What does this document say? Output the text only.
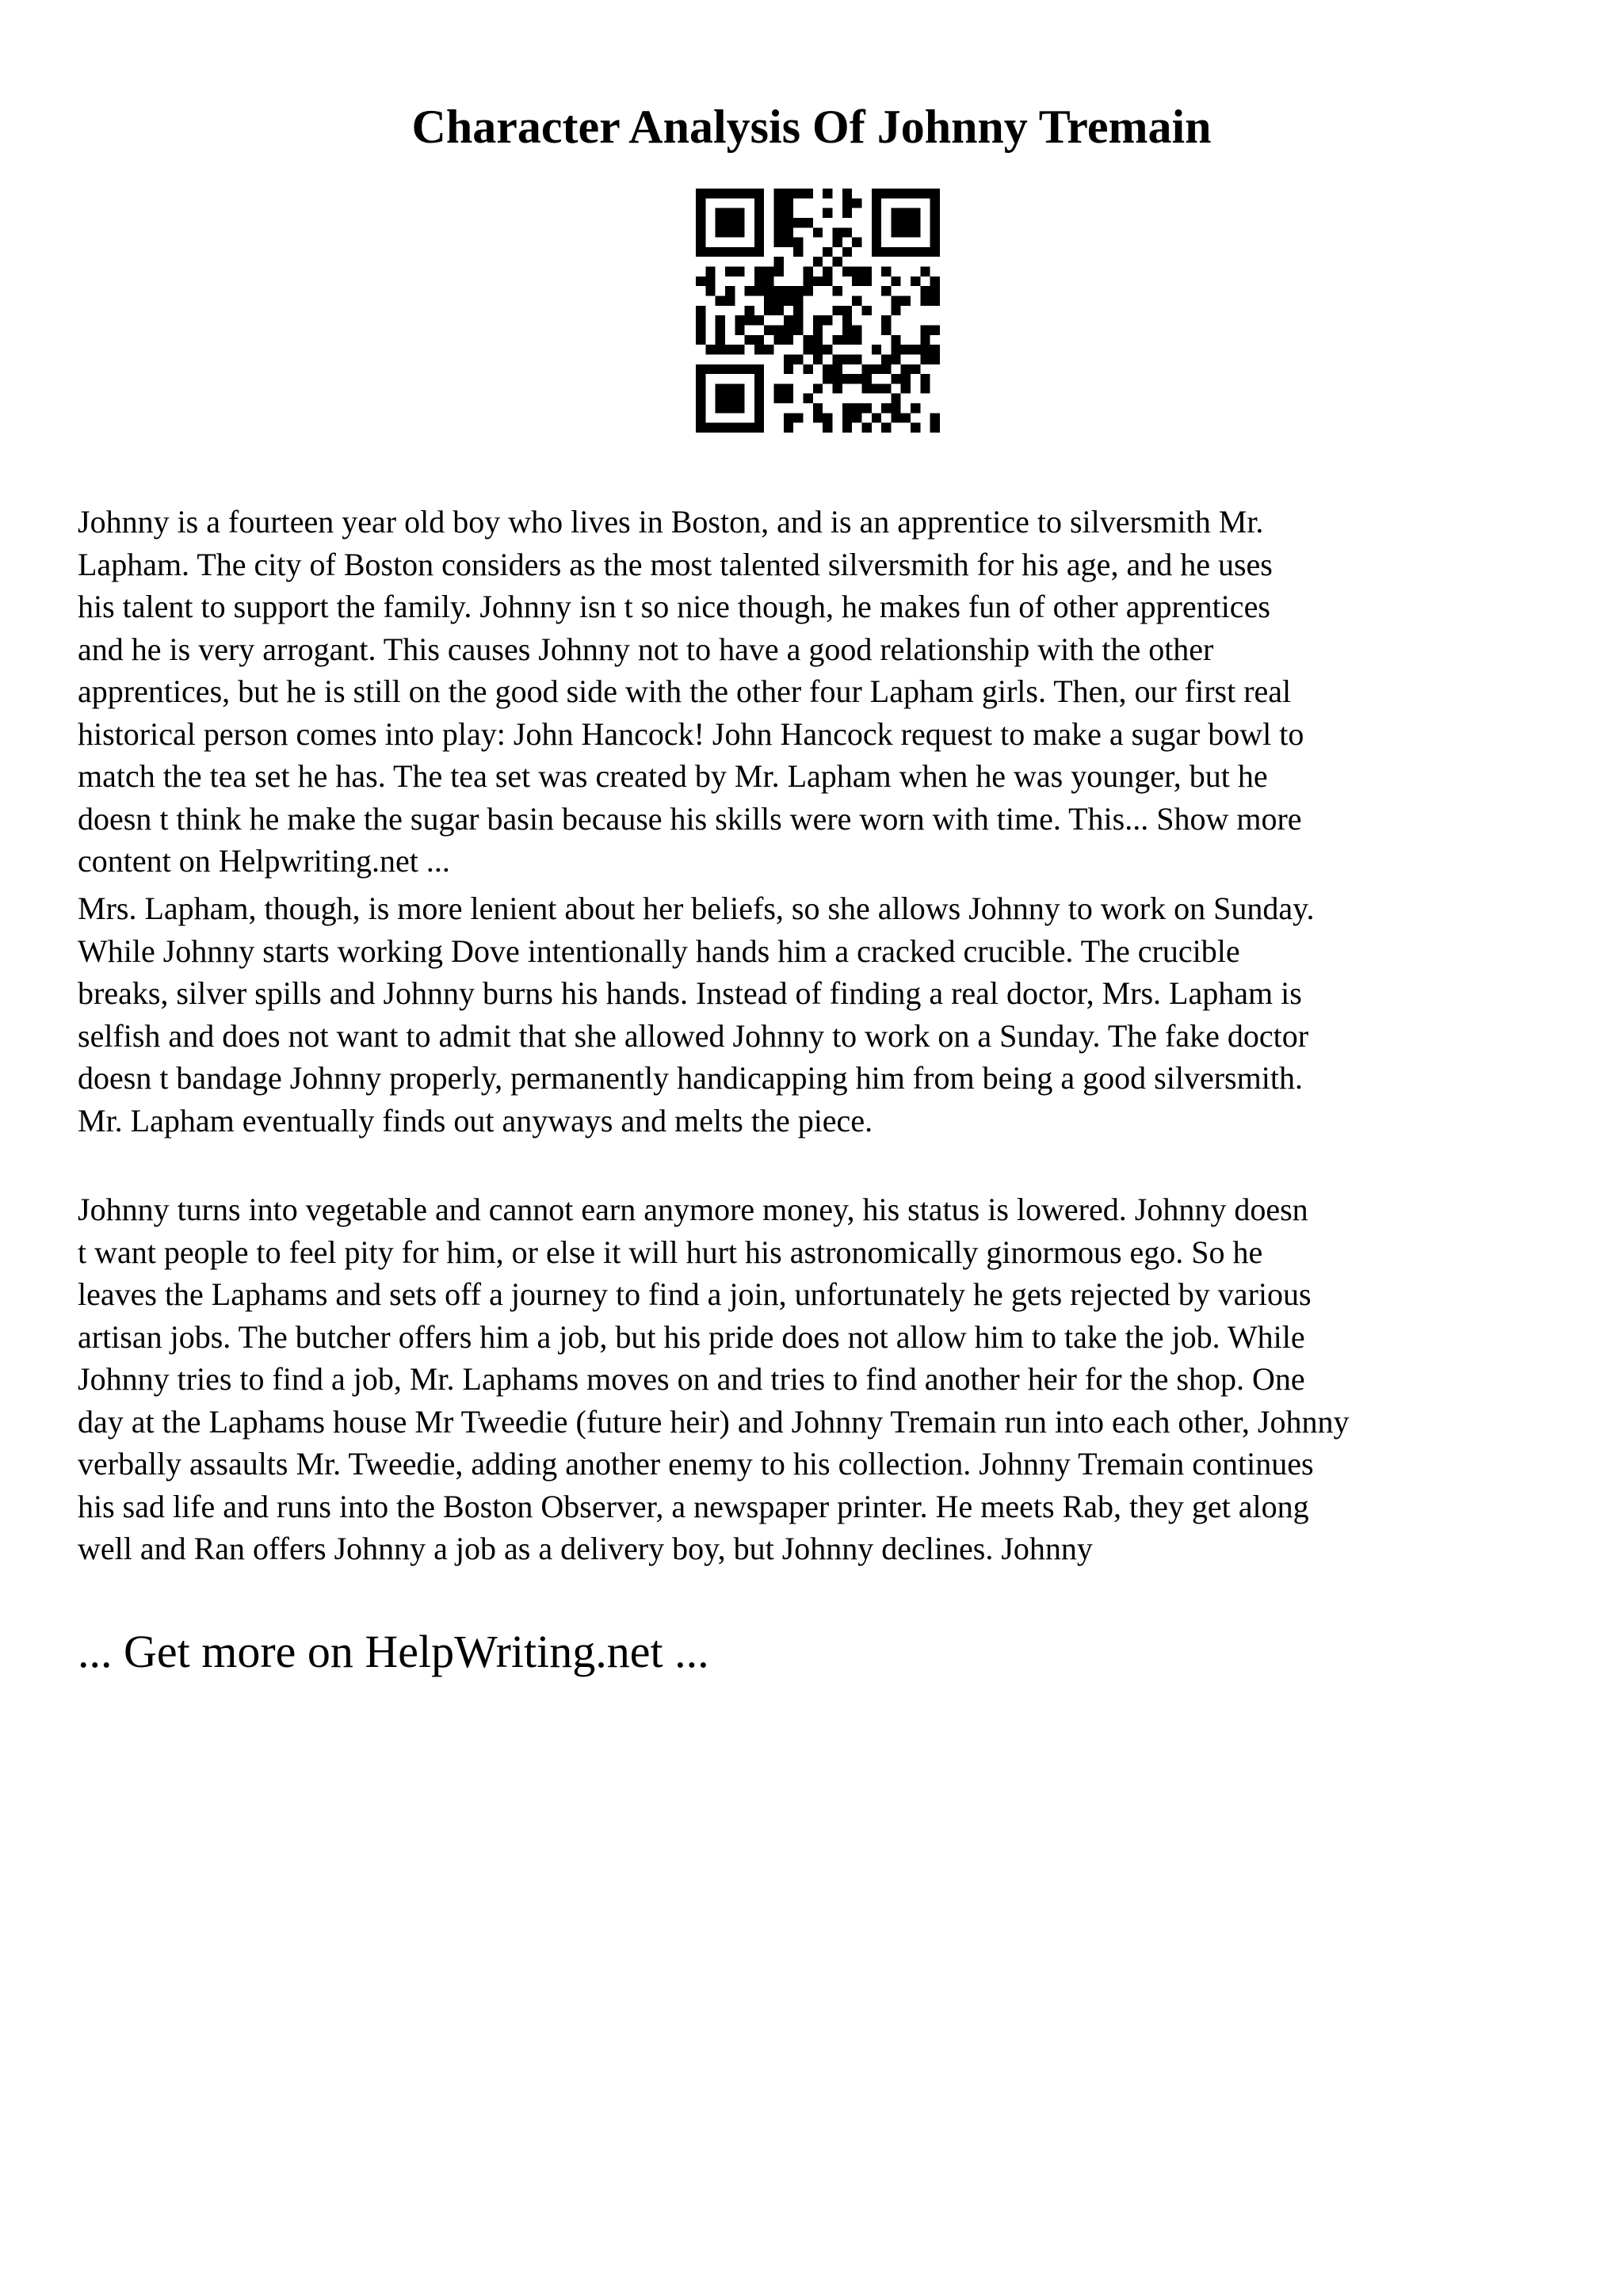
Character Analysis Of Johnny Tremain
Johnny is a fourteen year old boy who lives in Boston, and is an apprentice to silversmith Mr.
Lapham. The city of Boston considers as the most talented silversmith for his age, and he uses
his talent to support the family. Johnny isn t so nice though, he makes fun of other apprentices
and he is very arrogant. This causes Johnny not to have a good relationship with the other
apprentices, but he is still on the good side with the other four Lapham girls. Then, our first real
historical person comes into play: John Hancock! John Hancock request to make a sugar bowl to
match the tea set he has. The tea set was created by Mr. Lapham when he was younger, but he
doesn t think he make the sugar basin because his skills were worn with time. This... Show more
content on Helpwriting.net ...
Mrs. Lapham, though, is more lenient about her beliefs, so she allows Johnny to work on Sunday.
While Johnny starts working Dove intentionally hands him a cracked crucible. The crucible
breaks, silver spills and Johnny burns his hands. Instead of finding a real doctor, Mrs. Lapham is
selfish and does not want to admit that she allowed Johnny to work on a Sunday. The fake doctor
doesn t bandage Johnny properly, permanently handicapping him from being a good silversmith.
Mr. Lapham eventually finds out anyways and melts the piece.
Johnny turns into vegetable and cannot earn anymore money, his status is lowered. Johnny doesn
t want people to feel pity for him, or else it will hurt his astronomically ginormous ego. So he
leaves the Laphams and sets off a journey to find a join, unfortunately he gets rejected by various
artisan jobs. The butcher offers him a job, but his pride does not allow him to take the job. While
Johnny tries to find a job, Mr. Laphams moves on and tries to find another heir for the shop. One
day at the Laphams house Mr Tweedie (future heir) and Johnny Tremain run into each other, Johnny
verbally assaults Mr. Tweedie, adding another enemy to his collection. Johnny Tremain continues
his sad life and runs into the Boston Observer, a newspaper printer. He meets Rab, they get along
well and Ran offers Johnny a job as a delivery boy, but Johnny declines. Johnny
... Get more on HelpWriting.net ...
